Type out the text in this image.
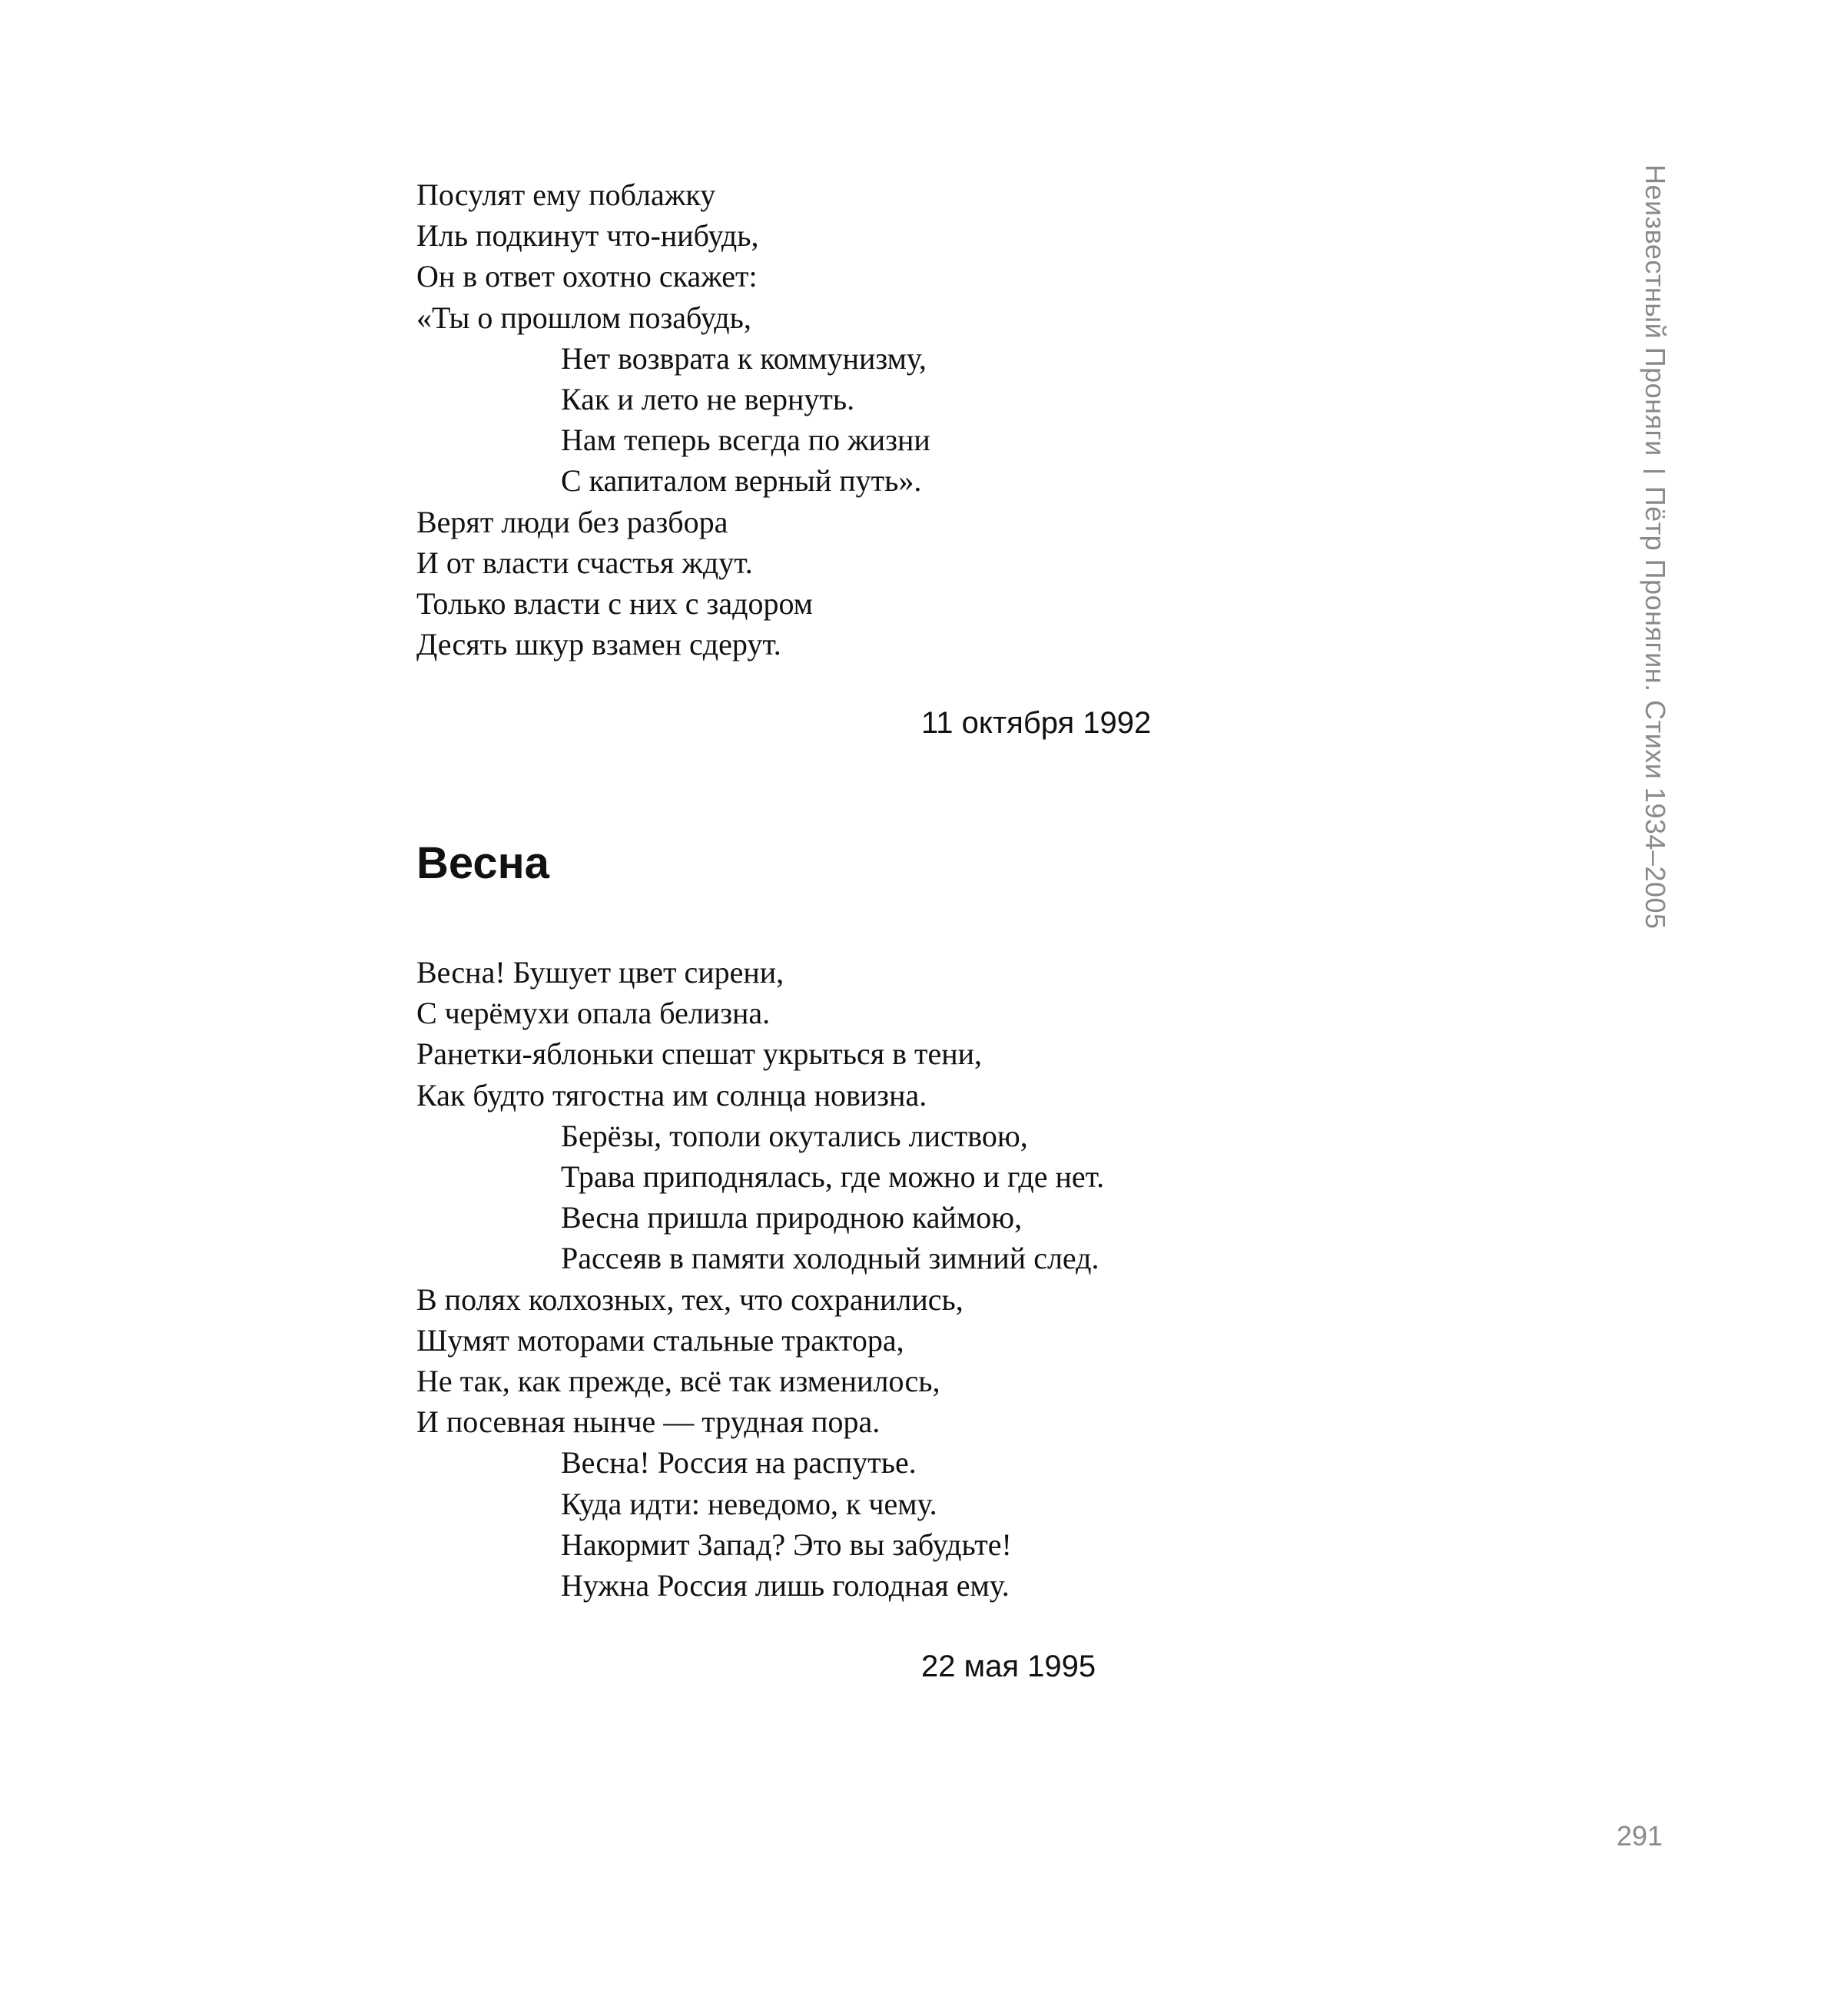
Посулят ему поблажку
Иль подкинут что-нибудь,
Он в ответ охотно скажет:
«Ты о прошлом позабудь,
Нет возврата к коммунизму,
Как и лето не вернуть.
Нам теперь всегда по жизни
С капиталом верный путь».
Верят люди без разбора
И от власти счастья ждут.
Только власти с них с задором
Десять шкур взамен сдерут.
11 октября 1992
Весна
Весна! Бушует цвет сирени,
С черёмухи опала белизна.
Ранетки-яблоньки спешат укрыться в тени,
Как будто тягостна им солнца новизна.
Берёзы, тополи окутались листвою,
Трава приподнялась, где можно и где нет.
Весна пришла природною каймою,
Рассеяв в памяти холодный зимний след.
В полях колхозных, тех, что сохранились,
Шумят моторами стальные трактора,
Не так, как прежде, всё так изменилось,
И посевная нынче — трудная пора.
Весна! Россия на распутье.
Куда идти: неведомо, к чему.
Накормит Запад? Это вы забудьте!
Нужна Россия лишь голодная ему.
22 мая 1995
Неизвестный ПронягиПётр Пронягин. Стихи 1934–2005
291
